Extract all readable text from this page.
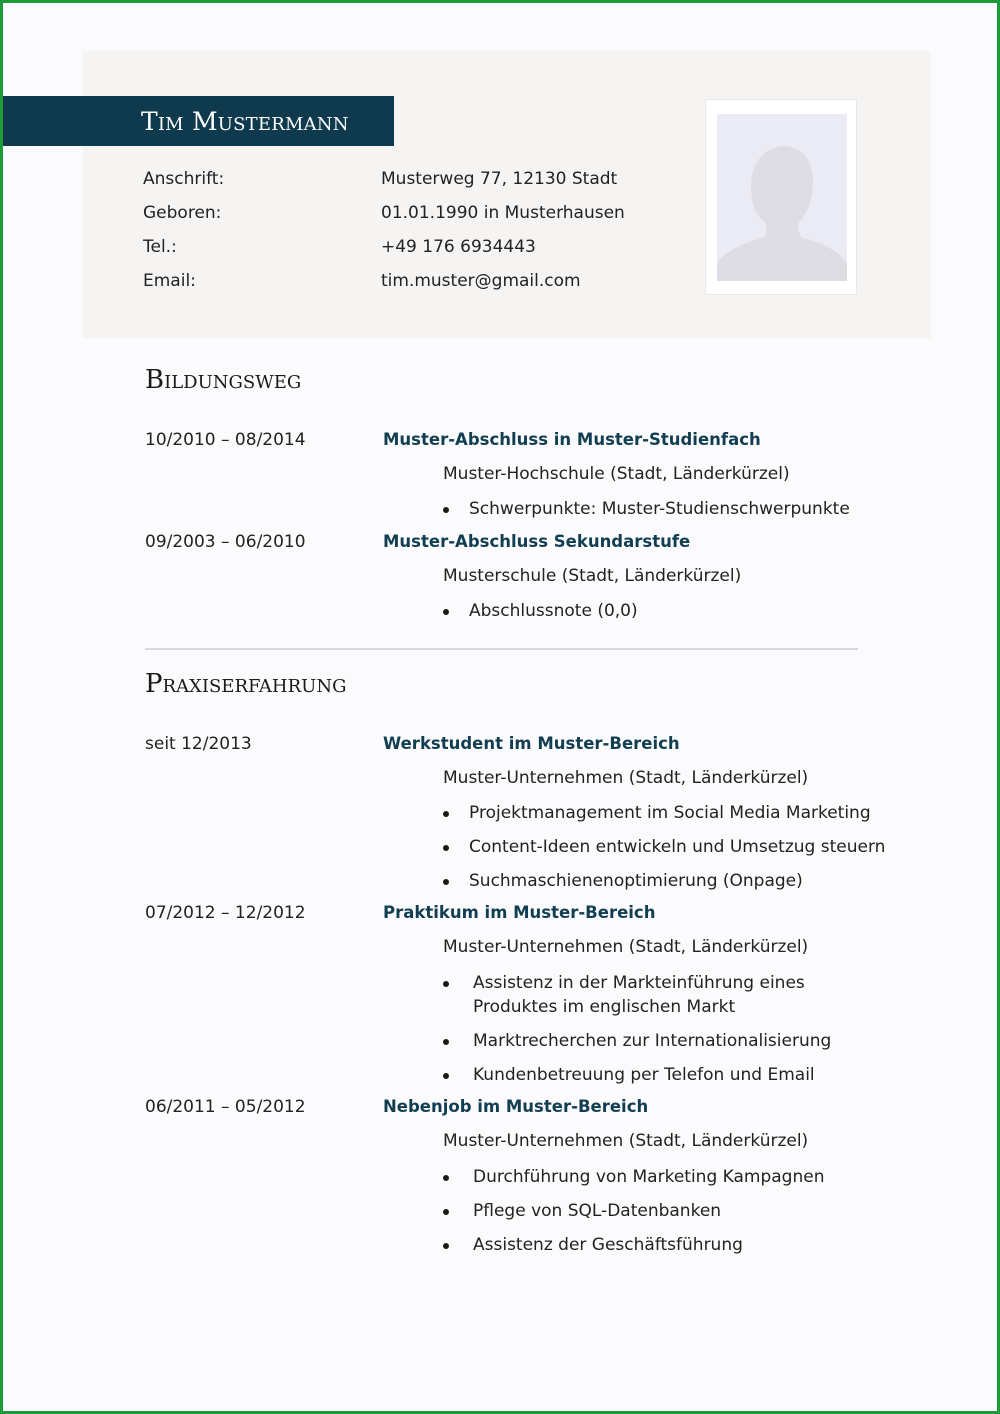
Tim Mustermann
Anschrift:	Musterweg 77, 12130 Stadt
Geboren:	01.01.1990 in Musterhausen
Tel.:	+49 176 6934443
Email:	tim.muster@gmail.com
Bildungsweg
10/2010 – 08/2014	Muster-Abschluss in Muster-Studienfach
Muster-Hochschule (Stadt, Länderkürzel)
Schwerpunkte: Muster-Studienschwerpunkte
09/2003 – 06/2010	Muster-Abschluss Sekundarstufe
Musterschule (Stadt, Länderkürzel)
Abschlussnote (0,0)
Praxiserfahrung
seit 12/2013	Werkstudent im Muster-Bereich
Muster-Unternehmen (Stadt, Länderkürzel)
Projektmanagement im Social Media Marketing
Content-Ideen entwickeln und Umsetzug steuern
Suchmaschienenoptimierung (Onpage)
07/2012 – 12/2012	Praktikum im Muster-Bereich
Muster-Unternehmen (Stadt, Länderkürzel)
Assistenz in der Markteinführung eines
Produktes im englischen Markt
Marktrecherchen zur Internationalisierung
Kundenbetreuung per Telefon und Email
06/2011 – 05/2012	Nebenjob im Muster-Bereich
Muster-Unternehmen (Stadt, Länderkürzel)
Durchführung von Marketing Kampagnen
Pflege von SQL-Datenbanken
Assistenz der Geschäftsführung
